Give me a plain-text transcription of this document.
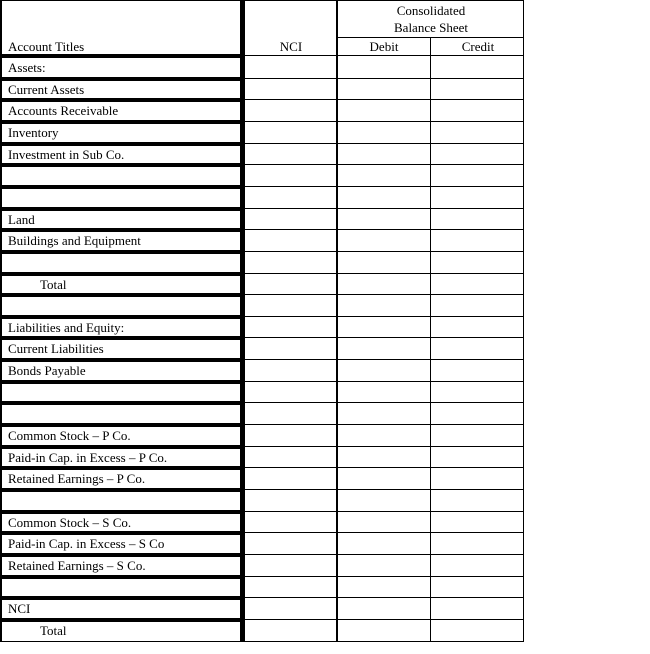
Consolidated
Balance Sheet
Account Titles	NCI	Debit	Credit
Assets:
Current Assets
Accounts Receivable
Inventory
Investment in Sub Co.
Land
Buildings and Equipment
Total
Liabilities and Equity:
Current Liabilities
Bonds Payable
Common Stock – P Co.
Paid-in Cap. in Excess – P Co.
Retained Earnings – P Co.
Common Stock – S Co.
Paid-in Cap. in Excess – S Co
Retained Earnings – S Co.
NCI
Total
